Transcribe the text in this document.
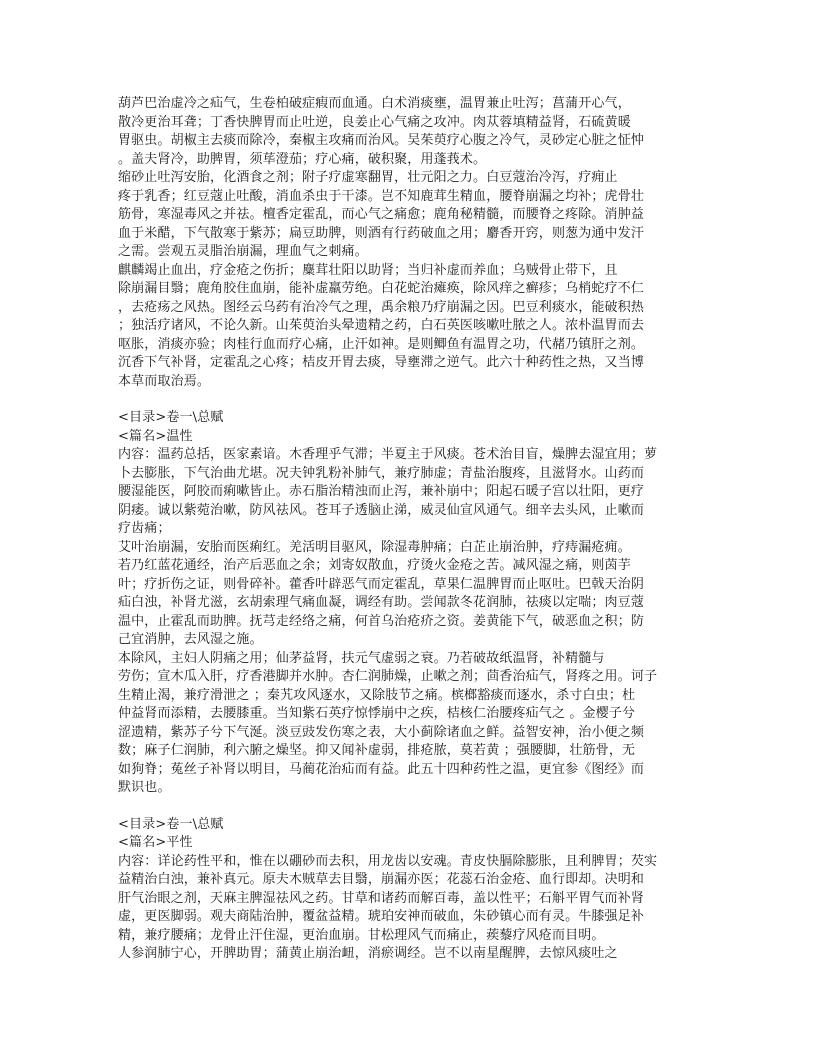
葫芦巴治虚冷之疝气，生卷柏破症瘕而血通。白术消痰壅，温胃兼止吐泻；菖蒲开心气，
散冷更治耳聋；丁香快脾胃而止吐逆，良姜止心气痛之攻冲。肉苁蓉填精益肾，石硫黄暖
胃驱虫。胡椒主去痰而除冷，秦椒主攻痛而治风。吴茱萸疗心腹之冷气，灵砂定心脏之怔忡
。盖夫肾冷，助脾胃，须荜澄茄；疗心痛，破积聚，用蓬莪术。
缩砂止吐泻安胎，化酒食之剂；附子疗虚寒翻胃，壮元阳之力。白豆蔻治冷泻，疗痈止
疼于乳香；红豆蔻止吐酸，消血杀虫于干漆。岂不知鹿茸生精血，腰脊崩漏之均补；虎骨壮
筋骨，寒湿毒风之并祛。檀香定霍乱，而心气之痛愈；鹿角秘精髓，而腰脊之疼除。消肿益
血于米醋，下气散寒于紫苏；扁豆助脾，则酒有行药破血之用；麝香开窍，则葱为通中发汗
之需。尝观五灵脂治崩漏，理血气之刺痛。
麒麟竭止血出，疗金疮之伤折；麋茸壮阳以助肾；当归补虚而养血；乌贼骨止带下，且
除崩漏目翳；鹿角胶住血崩，能补虚羸劳绝。白花蛇治瘫痪，除风痒之癣疹；乌梢蛇疗不仁
，去疮疡之风热。图经云乌药有治冷气之理，禹余粮乃疗崩漏之因。巴豆利痰水，能破积热
；独活疗诸风，不论久新。山茱萸治头晕遗精之药，白石英医咳嗽吐脓之人。浓朴温胃而去
呕胀，消痰亦验；肉桂行血而疗心痛，止汗如神。是则鲫鱼有温胃之功，代赭乃镇肝之剂。
沉香下气补肾，定霍乱之心疼；桔皮开胃去痰，导壅滞之逆气。此六十种药性之热，又当博
本草而取治焉。
<目录>卷一\总赋
<篇名>温性
内容：温药总括，医家素谙。木香理乎气滞；半夏主于风痰。苍术治目盲，燥脾去湿宜用；萝
卜去膨胀，下气治曲尤堪。况夫钟乳粉补肺气，兼疗肺虚；青盐治腹疼，且滋肾水。山药而
腰湿能医，阿胶而痢嗽皆止。赤石脂治精浊而止泻，兼补崩中；阳起石暖子宫以壮阳，更疗
阴痿。诚以紫菀治嗽，防风祛风。苍耳子透脑止涕，威灵仙宣风通气。细辛去头风，止嗽而
疗齿痛；
艾叶治崩漏，安胎而医痢红。羌活明目驱风，除湿毒肿痛；白芷止崩治肿，疗痔漏疮痈。
若乃红蓝花通经，治产后恶血之余；刘寄奴散血，疗烫火金疮之苦。减风湿之痛，则茵芋
叶；疗折伤之证，则骨碎补。藿香叶辟恶气而定霍乱，草果仁温脾胃而止呕吐。巴戟天治阴
疝白浊，补肾尤滋，玄胡索理气痛血凝，调经有助。尝闻款冬花润肺，祛痰以定喘；肉豆蔻
温中，止霍乱而助脾。抚芎走经络之痛，何首乌治疮疥之资。姜黄能下气，破恶血之积；防
己宜消肿，去风湿之施。
本除风，主妇人阴痛之用；仙茅益肾，扶元气虚弱之衰。乃若破故纸温肾，补精髓与
劳伤；宣木瓜入肝，疗香港脚并水肿。杏仁润肺燥，止嗽之剂；茴香治疝气，肾疼之用。诃子
生精止渴，兼疗滑泄之 ；秦艽攻风逐水，又除肢节之痛。槟榔豁痰而逐水，杀寸白虫；杜
仲益肾而添精，去腰膝重。当知紫石英疗惊悸崩中之疾，桔核仁治腰疼疝气之 。金樱子兮
涩遗精，紫苏子兮下气涎。淡豆豉发伤寒之表，大小蓟除诸血之鲜。益智安神，治小便之频
数；麻子仁润肺，利六腑之燥坚。抑又闻补虚弱，排疮脓，莫若黄 ；强腰脚，壮筋骨，无
如狗脊；菟丝子补肾以明目，马蔺花治疝而有益。此五十四种药性之温，更宜参《图经》而
默识也。
<目录>卷一\总赋
<篇名>平性
内容：详论药性平和，惟在以硼砂而去积，用龙齿以安魂。青皮快膈除膨胀，且利脾胃；芡实
益精治白浊，兼补真元。原夫木贼草去目翳，崩漏亦医；花蕊石治金疮、血行即却。决明和
肝气治眼之剂，天麻主脾湿祛风之药。甘草和诸药而解百毒，盖以性平；石斛平胃气而补肾
虚，更医脚弱。观夫商陆治肿，覆盆益精。琥珀安神而破血，朱砂镇心而有灵。牛膝强足补
精，兼疗腰痛；龙骨止汗住湿，更治血崩。甘松理风气而痛止，蒺藜疗风疮而目明。
人参润肺宁心，开脾助胃；蒲黄止崩治衄，消瘀调经。岂不以南星醒脾，去惊风痰吐之
